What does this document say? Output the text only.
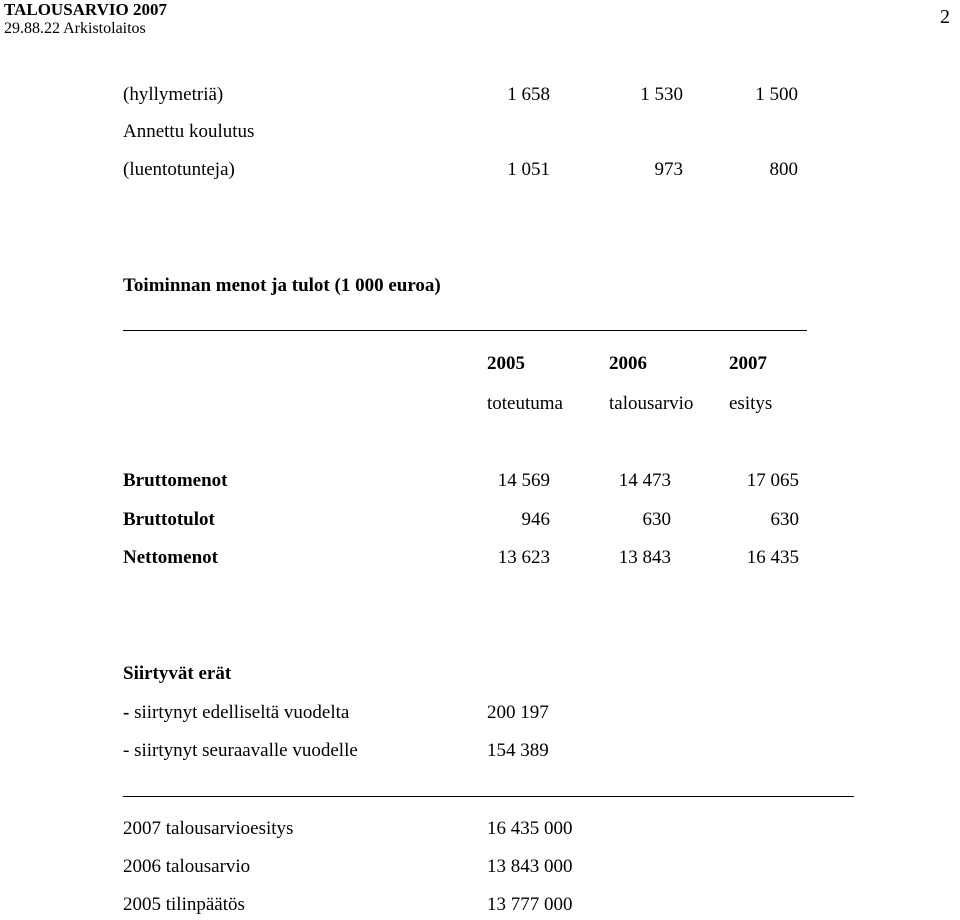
TALOUSARVIO 2007
29.88.22 Arkistolaitos
2
(hyllymetriä)	1 658	1 530	1 500
Annettu koulutus
(luentotunteja)	1 051	973	800
Toiminnan menot ja tulot (1 000 euroa)
2005	2006	2007
toteutuma talousarvio esitys
Bruttomenot	14 569	14 473	17 065
Bruttotulot	946	630	630
Nettomenot	13 623	13 843	16 435
Siirtyvät erät
- siirtynyt edelliseltä vuodelta	200 197
- siirtynyt seuraavalle vuodelle	154 389
2007 talousarvioesitys	16 435 000
2006 talousarvio	13 843 000
2005 tilinpäätös	13 777 000
